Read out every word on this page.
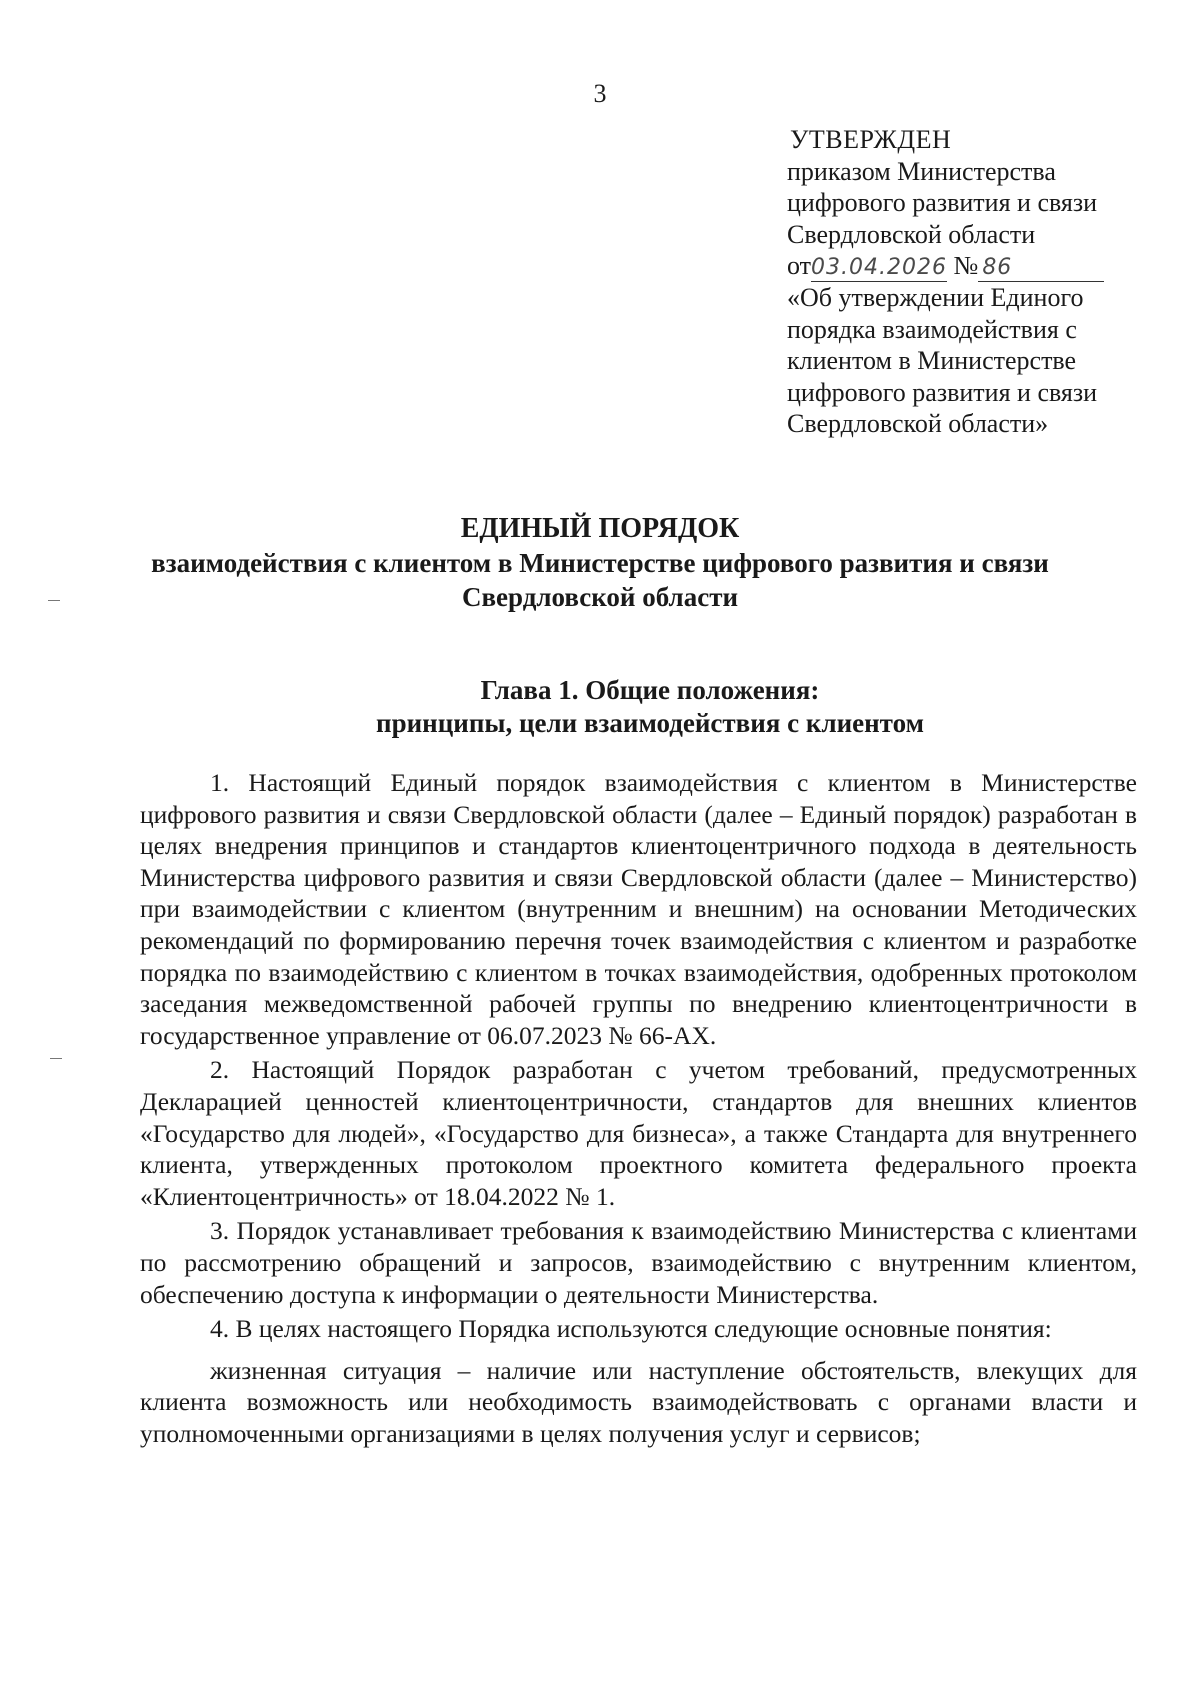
3
УТВЕРЖДЕН
приказом Министерства
цифрового развития и связи
Свердловской области
от03.04.2026 № 86
«Об утверждении Единого
порядка взаимодействия с
клиентом в Министерстве
цифрового развития и связи
Свердловской области»
ЕДИНЫЙ ПОРЯДОК
взаимодействия с клиентом в Министерстве цифрового развития и связи
Свердловской области
Глава 1. Общие положения:
принципы, цели взаимодействия с клиентом

1. Настоящий Единый порядок взаимодействия с клиентом в Министерстве цифрового развития и связи Свердловской области (далее – Единый порядок) разработан в целях внедрения принципов и стандартов клиентоцентричного подхода в деятельность Министерства цифрового развития и связи Свердловской области (далее – Министерство) при взаимодействии с клиентом (внутренним и внешним) на основании Методических рекомендаций по формированию перечня точек взаимодействия с клиентом и разработке порядка по взаимодействию с клиентом в точках взаимодействия, одобренных протоколом заседания межведомственной рабочей группы по внедрению клиентоцентричности в государственное управление от 06.07.2023 № 66-АХ.

2. Настоящий Порядок разработан с учетом требований, предусмотренных Декларацией ценностей клиентоцентричности, стандартов для внешних клиентов «Государство для людей», «Государство для бизнеса», а также Стандарта для внутреннего клиента, утвержденных протоколом проектного комитета федерального проекта «Клиентоцентричность» от 18.04.2022 № 1.

3. Порядок устанавливает требования к взаимодействию Министерства с клиентами по рассмотрению обращений и запросов, взаимодействию с внутренним клиентом, обеспечению доступа к информации о деятельности Министерства.

4. В целях настоящего Порядка используются следующие основные понятия:

жизненная ситуация – наличие или наступление обстоятельств, влекущих для клиента возможность или необходимость взаимодействовать с органами власти и уполномоченными организациями в целях получения услуг и сервисов;
